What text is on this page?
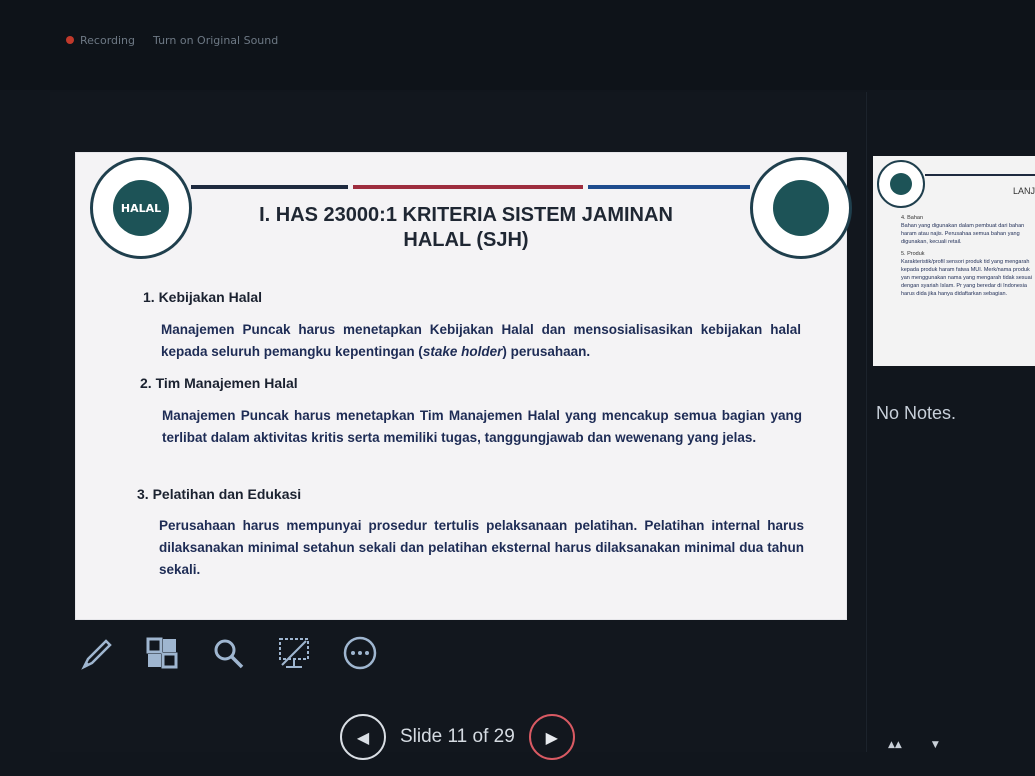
Recording Turn on Original Sound
HALAL	I. HAS 23000:1 KRITERIA SISTEM JAMINAN
HALAL (SJH)
1. Kebijakan Halal
Manajemen Puncak harus menetapkan Kebijakan Halal dan mensosialisasikan kebijakan halal kepada seluruh pemangku kepentingan (stake holder) perusahaan.
2. Tim Manajemen Halal
Manajemen Puncak harus menetapkan Tim Manajemen Halal yang mencakup semua bagian yang terlibat dalam aktivitas kritis serta memiliki tugas, tanggungjawab dan wewenang yang jelas.
3. Pelatihan dan Edukasi
Perusahaan harus mempunyai prosedur tertulis pelaksanaan pelatihan. Pelatihan internal harus dilaksanakan minimal setahun sekali dan pelatihan eksternal harus dilaksanakan minimal dua tahun sekali.
◀ Slide 11 of 29 ▶
LANJ
4. Bahan
Bahan yang digunakan dalam pembuat dari bahan haram atau najis. Perusahaa semua bahan yang digunakan, kecuali retail.
5. Produk
Karakteristik/profil sensori produk tid yang mengarah kepada produk haram fatwa MUI. Merk/nama produk yan menggunakan nama yang mengarah tidak sesuai dengan syariah Islam. Pr yang beredar di Indonesia harus dida jika hanya didaftarkan sebagian.
No Notes.
▲▲	▼
